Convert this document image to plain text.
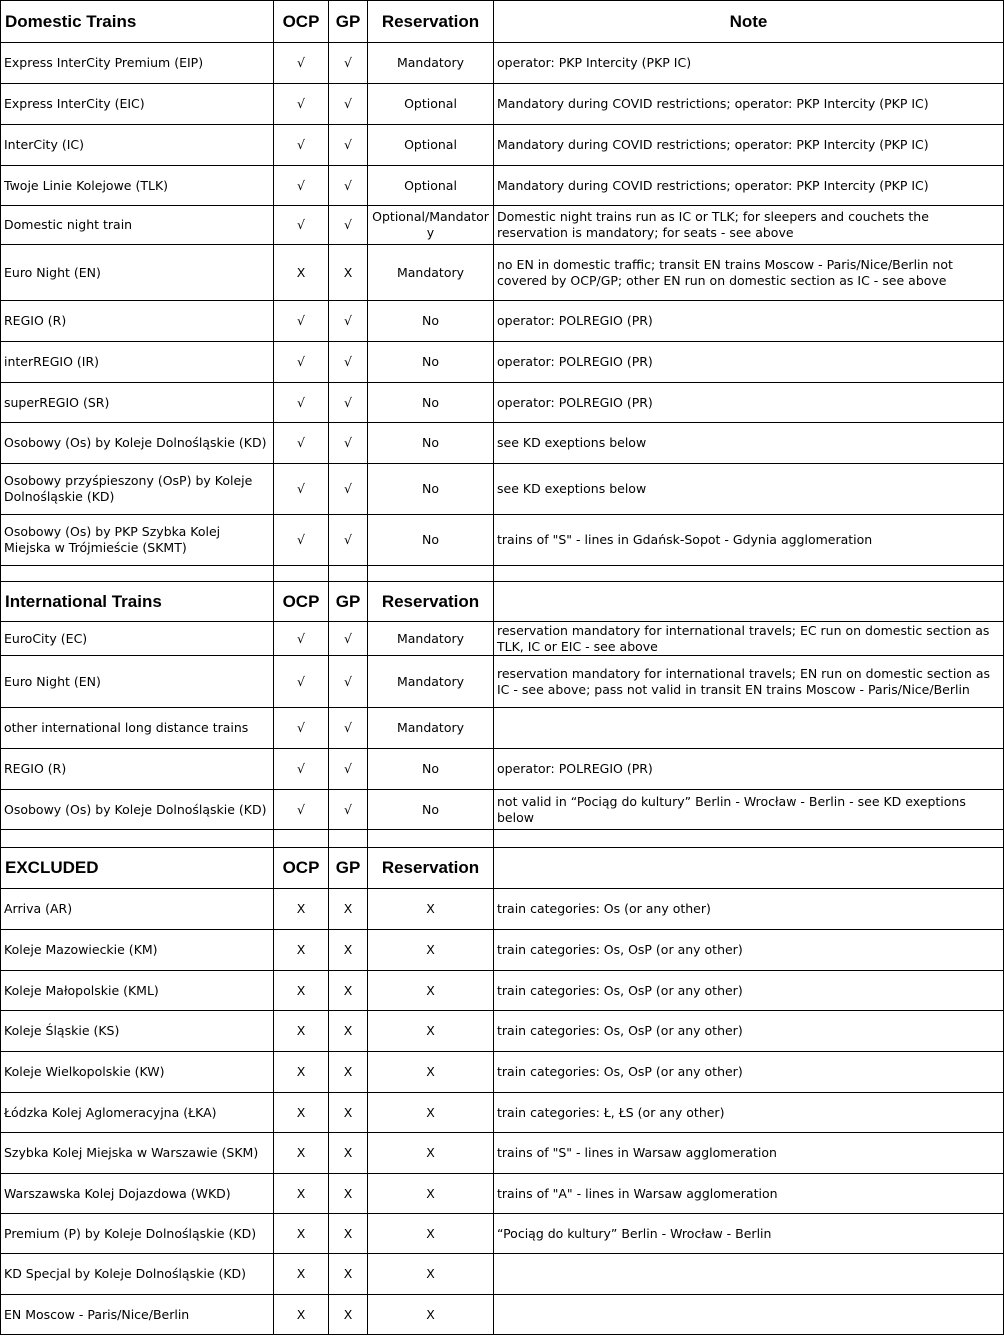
Domestic Trains	OCP	GP	Reservation	Note
Express InterCity Premium (EIP)	√	√	Mandatory	operator: PKP Intercity (PKP IC)
Express InterCity (EIC)	√	√	Optional	Mandatory during COVID restrictions; operator: PKP Intercity (PKP IC)
InterCity (IC)	√	√	Optional	Mandatory during COVID restrictions; operator: PKP Intercity (PKP IC)
Twoje Linie Kolejowe (TLK)	√	√	Optional	Mandatory during COVID restrictions; operator: PKP Intercity (PKP IC)
Domestic night train	√	√	Optional/Mandatory	Domestic night trains run as IC or TLK; for sleepers and couchets the reservation is mandatory; for seats - see above
Euro Night (EN)	X	X	Mandatory	no EN in domestic traffic; transit EN trains Moscow - Paris/Nice/Berlin not covered by OCP/GP; other EN run on domestic section as IC - see above
REGIO (R)	√	√	No	operator: POLREGIO (PR)
interREGIO (IR)	√	√	No	operator: POLREGIO (PR)
superREGIO (SR)	√	√	No	operator: POLREGIO (PR)
Osobowy (Os) by Koleje Dolnośląskie (KD)	√	√	No	see KD exeptions below
Osobowy przyśpieszony (OsP) by Koleje Dolnośląskie (KD)	√	√	No	see KD exeptions below
Osobowy (Os) by PKP Szybka Kolej Miejska w Trójmieście (SKMT)	√	√	No	trains of "S" - lines in Gdańsk-Sopot - Gdynia agglomeration

International Trains	OCP	GP	Reservation	
EuroCity (EC)	√	√	Mandatory	reservation mandatory for international travels; EC run on domestic section as TLK, IC or EIC - see above
Euro Night (EN)	√	√	Mandatory	reservation mandatory for international travels; EN run on domestic section as IC - see above; pass not valid in transit EN trains Moscow - Paris/Nice/Berlin
other international long distance trains	√	√	Mandatory	
REGIO (R)	√	√	No	operator: POLREGIO (PR)
Osobowy (Os) by Koleje Dolnośląskie (KD)	√	√	No	not valid in “Pociąg do kultury” Berlin - Wrocław - Berlin - see KD exeptions below

EXCLUDED	OCP	GP	Reservation	
Arriva (AR)	X	X	X	train categories: Os (or any other)
Koleje Mazowieckie (KM)	X	X	X	train categories: Os, OsP (or any other)
Koleje Małopolskie (KML)	X	X	X	train categories: Os, OsP (or any other)
Koleje Śląskie (KS)	X	X	X	train categories: Os, OsP (or any other)
Koleje Wielkopolskie (KW)	X	X	X	train categories: Os, OsP (or any other)
Łódzka Kolej Aglomeracyjna (ŁKA)	X	X	X	train categories: Ł, ŁS (or any other)
Szybka Kolej Miejska w Warszawie (SKM)	X	X	X	trains of "S" - lines in Warsaw agglomeration
Warszawska Kolej Dojazdowa (WKD)	X	X	X	trains of "A" - lines in Warsaw agglomeration
Premium (P) by Koleje Dolnośląskie (KD)	X	X	X	“Pociąg do kultury” Berlin - Wrocław - Berlin
KD Specjal by Koleje Dolnośląskie (KD)	X	X	X	
EN Moscow - Paris/Nice/Berlin	X	X	X	
